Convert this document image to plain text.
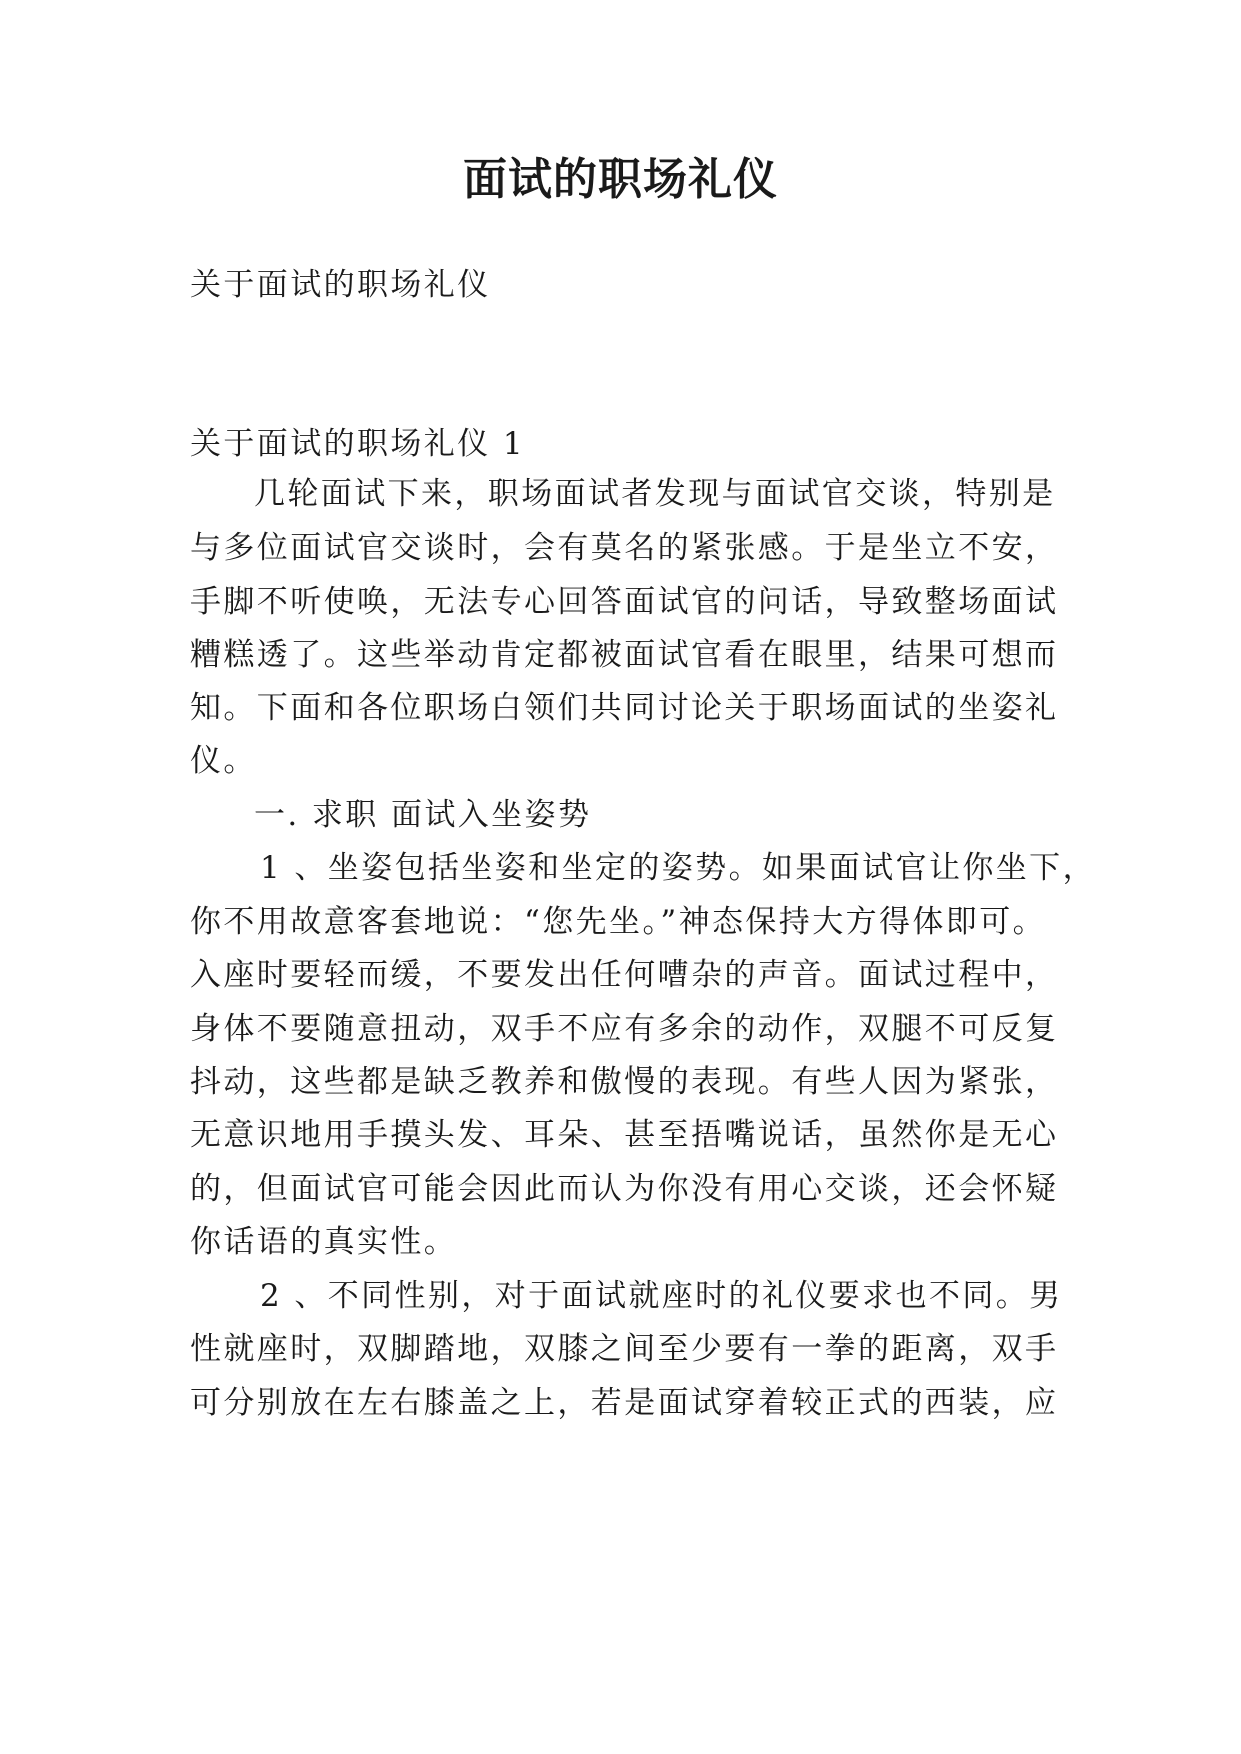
面试的职场礼仪
关于面试的职场礼仪
关于面试的职场礼仪 1
几轮面试下来，职场面试者发现与面试官交谈，特别是
与多位面试官交谈时，会有莫名的紧张感。于是坐立不安，
手脚不听使唤，无法专心回答面试官的问话，导致整场面试
糟糕透了。这些举动肯定都被面试官看在眼里，结果可想而
知。下面和各位职场白领们共同讨论关于职场面试的坐姿礼
仪。
一. 求职 面试入坐姿势
1 、坐姿包括坐姿和坐定的姿势。如果面试官让你坐下，
你不用故意客套地说：“您先坐。”神态保持大方得体即可。
入座时要轻而缓，不要发出任何嘈杂的声音。面试过程中，
身体不要随意扭动，双手不应有多余的动作，双腿不可反复
抖动，这些都是缺乏教养和傲慢的表现。有些人因为紧张，
无意识地用手摸头发、耳朵、甚至捂嘴说话，虽然你是无心
的，但面试官可能会因此而认为你没有用心交谈，还会怀疑
你话语的真实性。
2 、不同性别，对于面试就座时的礼仪要求也不同。男
性就座时，双脚踏地，双膝之间至少要有一拳的距离，双手
可分别放在左右膝盖之上，若是面试穿着较正式的西装，应
